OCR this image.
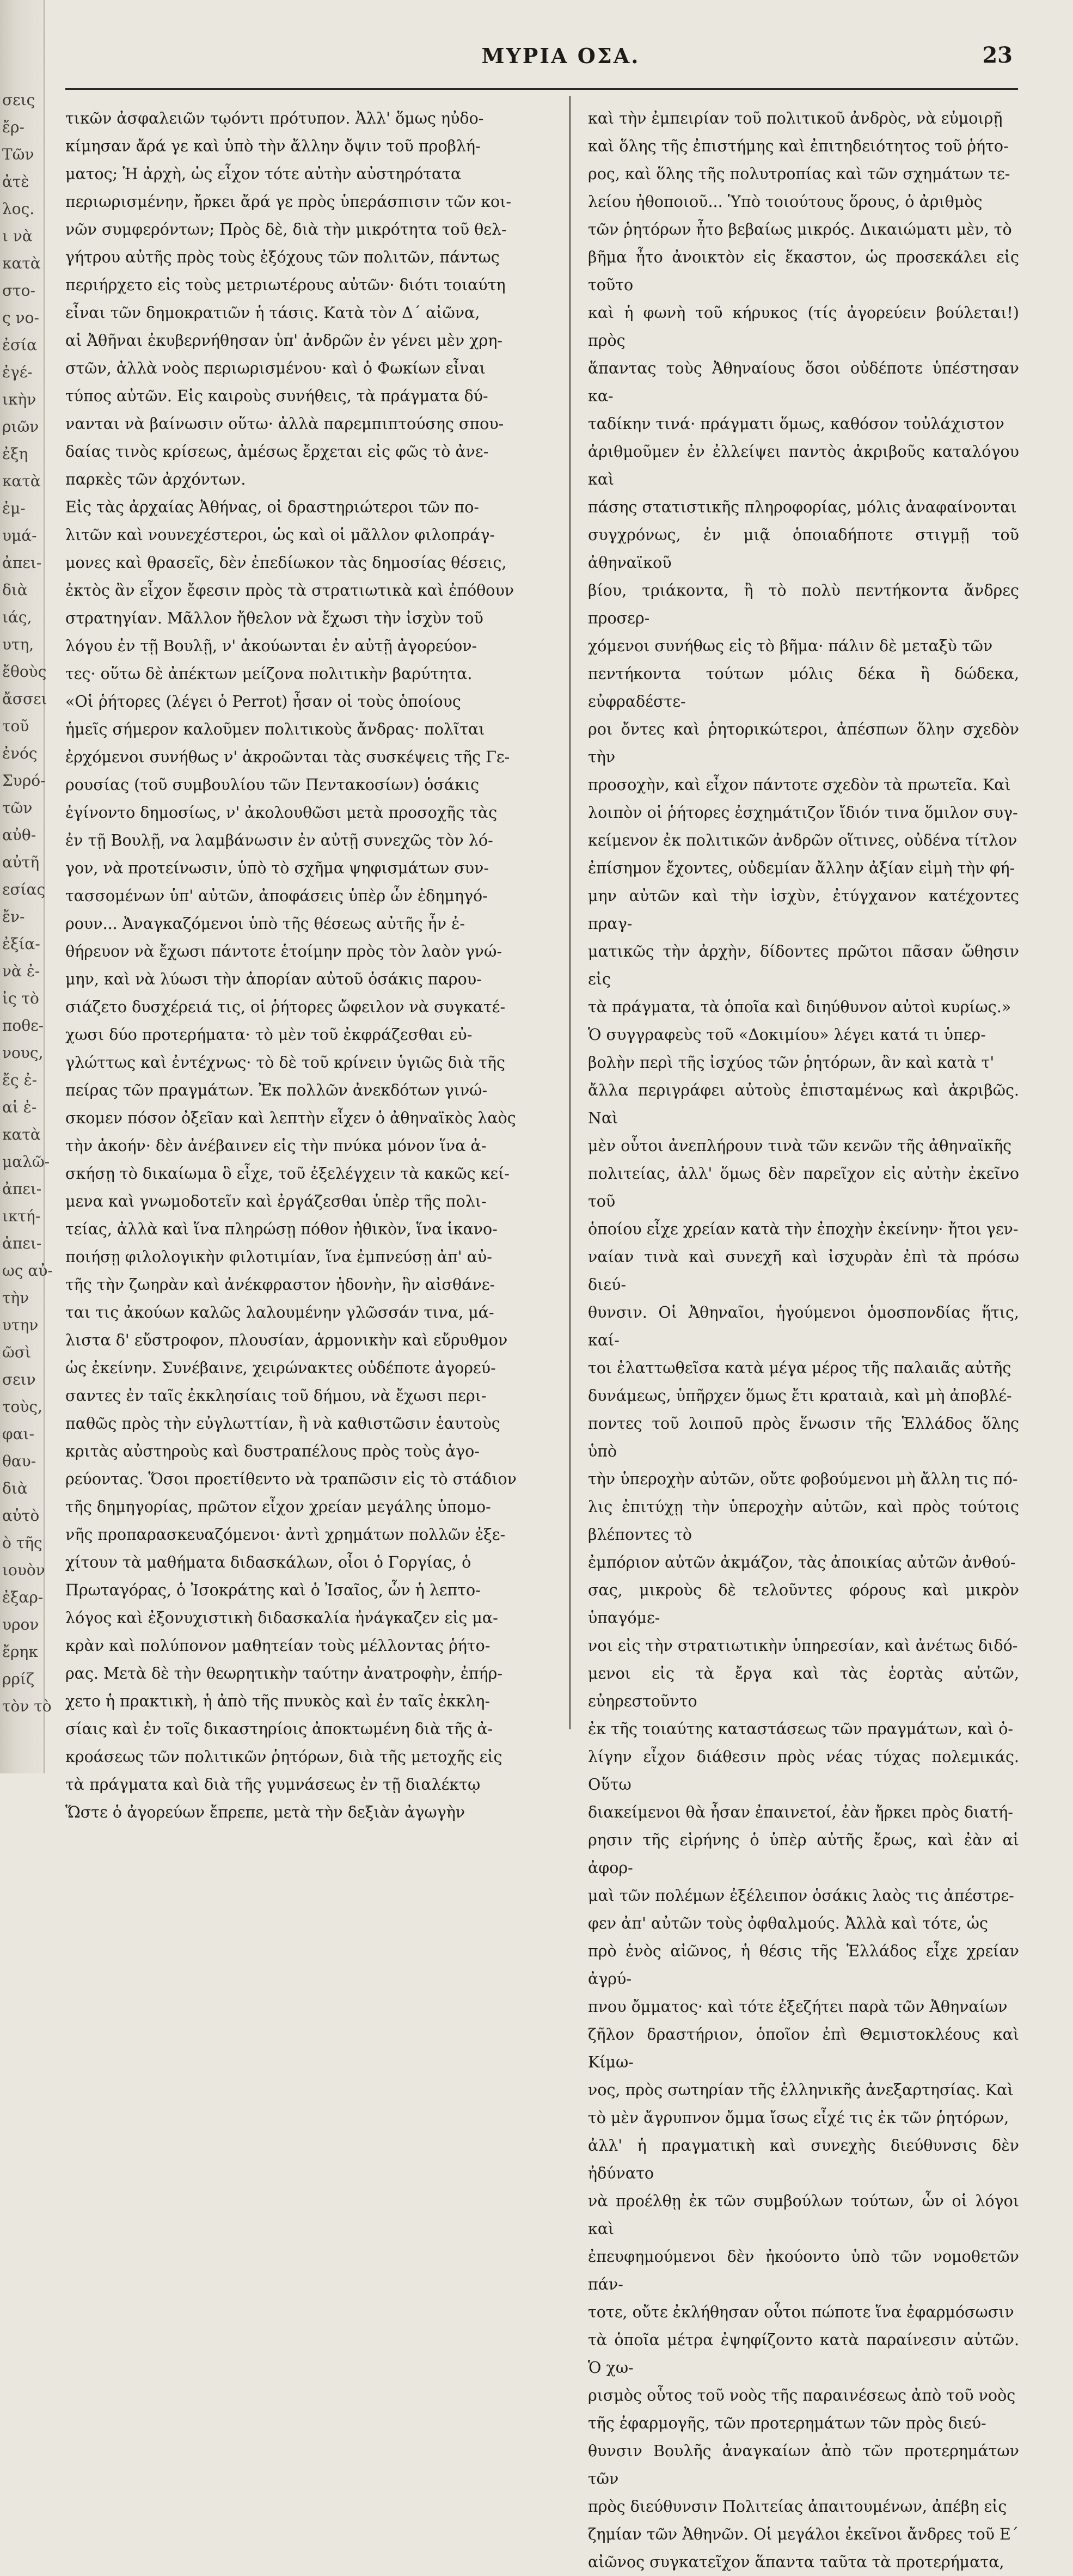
σεις
ἔρ-
Τῶν
ἀτὲ
λος.
ι νὰ
κατὰ
στο-
ς νο-
ἐσία
ἐγέ-
ικὴν
ριῶν
ἐξη
κατὰ
ἐμ-
υμά-
ἀπει-
διὰ
ιάς,
υτη,
ἔθοὺς
ἄσσει
τοῦ
ἐνός
Συρό-
τῶν
αὐθ-
αὐτῆ
εσίας
ἔν-
ἐξία-
νὰ ἐ-
ἰς τὸ
ποθε-
νους,
ἔς ἐ-
αἱ ἐ-
κατὰ
μαλῶ-
ἀπει-
ικτή-
ἀπει-
ως αὐ-
τὴν
υτην
ῶσὶ
σειν
τοὺς,
φαι-
θαυ-
διὰ
αὐτὸ
ὸ τῆς
ιουὸν
ἐξαρ-
υρον
ἔρηκ
ρρίζ
τὸν τὸ
ΜΥΡΙΑ ΟΣΑ.	23

τικῶν ἀσφαλειῶν τῳόντι πρότυπον. Ἀλλ' ὅμως ηὐδο-

κίμησαν ἄρά γε καὶ ὑπὸ τὴν ἄλλην ὄψιν τοῦ προβλή-

ματος; Ἡ ἀρχὴ, ὡς εἶχον τότε αὐτὴν αὐστηρότατα

περιωρισμένην, ἤρκει ἄρά γε πρὸς ὑπεράσπισιν τῶν κοι-

νῶν συμφερόντων; Πρὸς δὲ, διὰ τὴν μικρότητα τοῦ θελ-

γήτρου αὐτῆς πρὸς τοὺς ἐξόχους τῶν πολιτῶν, πάντως

περιήρχετο εἰς τοὺς μετριωτέρους αὐτῶν· διότι τοιαύτη

εἶναι τῶν δημοκρατιῶν ἡ τάσις. Κατὰ τὸν Δ΄ αἰῶνα,

αἱ Ἀθῆναι ἐκυβερνήθησαν ὑπ' ἀνδρῶν ἐν γένει μὲν χρη-

στῶν, ἀλλὰ νοὸς περιωρισμένου· καὶ ὁ Φωκίων εἶναι

τύπος αὐτῶν. Εἰς καιροὺς συνήθεις, τὰ πράγματα δύ-

νανται νὰ βαίνωσιν οὕτω· ἀλλὰ παρεμπιπτούσης σπου-

δαίας τινὸς κρίσεως, ἀμέσως ἔρχεται εἰς φῶς τὸ ἀνε-

παρκὲς τῶν ἀρχόντων.

Εἰς τὰς ἀρχαίας Ἀθήνας, οἱ δραστηριώτεροι τῶν πο-

λιτῶν καὶ νουνεχέστεροι, ὡς καὶ οἱ μᾶλλον φιλοπράγ-

μονες καὶ θρασεῖς, δὲν ἐπεδίωκον τὰς δημοσίας θέσεις,

ἐκτὸς ἂν εἶχον ἔφεσιν πρὸς τὰ στρατιωτικὰ καὶ ἐπόθουν

στρατηγίαν. Μᾶλλον ἤθελον νὰ ἔχωσι τὴν ἰσχὺν τοῦ

λόγου ἐν τῇ Βουλῇ, ν' ἀκούωνται ἐν αὐτῇ ἀγορεύον-

τες· οὕτω δὲ ἀπέκτων μείζονα πολιτικὴν βαρύτητα.

«Οἱ ῥήτορες (λέγει ὁ Perrot) ἦσαν οἱ τοὺς ὁποίους

ἡμεῖς σήμερον καλοῦμεν πολιτικοὺς ἄνδρας· πολῖται

ἐρχόμενοι συνήθως ν' ἀκροῶνται τὰς συσκέψεις τῆς Γε-

ρουσίας (τοῦ συμβουλίου τῶν Πεντακοσίων) ὁσάκις

ἐγίνοντο δημοσίως, ν' ἀκολουθῶσι μετὰ προσοχῆς τὰς

ἐν τῇ Βουλῇ, να λαμβάνωσιν ἐν αὐτῇ συνεχῶς τὸν λό-

γον, νὰ προτείνωσιν, ὑπὸ τὸ σχῆμα ψηφισμάτων συν-

τασσομένων ὑπ' αὐτῶν, ἀποφάσεις ὑπὲρ ὧν ἐδημηγό-

ρουν... Ἀναγκαζόμενοι ὑπὸ τῆς θέσεως αὐτῆς ἦν ἐ-

θήρευον νὰ ἔχωσι πάντοτε ἑτοίμην πρὸς τὸν λαὸν γνώ-

μην, καὶ νὰ λύωσι τὴν ἀπορίαν αὐτοῦ ὁσάκις παρου-

σιάζετο δυσχέρειά τις, οἱ ῥήτορες ὤφειλον νὰ συγκατέ-

χωσι δύο προτερήματα· τὸ μὲν τοῦ ἐκφράζεσθαι εὐ-

γλώττως καὶ ἐντέχνως· τὸ δὲ τοῦ κρίνειν ὑγιῶς διὰ τῆς

πείρας τῶν πραγμάτων. Ἐκ πολλῶν ἀνεκδότων γινώ-

σκομεν πόσον ὀξεῖαν καὶ λεπτὴν εἶχεν ὁ ἀθηναϊκὸς λαὸς

τὴν ἀκοήν· δὲν ἀνέβαινεν εἰς τὴν πνύκα μόνον ἵνα ἀ-

σκήσῃ τὸ δικαίωμα ὃ εἶχε, τοῦ ἐξελέγχειν τὰ κακῶς κεί-

μενα καὶ γνωμοδοτεῖν καὶ ἐργάζεσθαι ὑπὲρ τῆς πολι-

τείας, ἀλλὰ καὶ ἵνα πληρώσῃ πόθον ἠθικὸν, ἵνα ἱκανο-

ποιήσῃ φιλολογικὴν φιλοτιμίαν, ἵνα ἐμπνεύσῃ ἀπ' αὐ-

τῆς τὴν ζωηρὰν καὶ ἀνέκφραστον ἡδονὴν, ἣν αἰσθάνε-

ται τις ἀκούων καλῶς λαλουμένην γλῶσσάν τινα, μά-

λιστα δ' εὔστροφον, πλουσίαν, ἁρμονικὴν καὶ εὔρυθμον

ὡς ἐκείνην. Συνέβαινε, χειρώνακτες οὐδέποτε ἀγορεύ-

σαντες ἐν ταῖς ἐκκλησίαις τοῦ δήμου, νὰ ἔχωσι περι-

παθῶς πρὸς τὴν εὐγλωττίαν, ἢ νὰ καθιστῶσιν ἑαυτοὺς

κριτὰς αὐστηροὺς καὶ δυστραπέλους πρὸς τοὺς ἀγο-

ρεύοντας. Ὅσοι προετίθεντο νὰ τραπῶσιν εἰς τὸ στάδιον

τῆς δημηγορίας, πρῶτον εἶχον χρείαν μεγάλης ὑπομο-

νῆς προπαρασκευαζόμενοι· ἀντὶ χρημάτων πολλῶν ἐξε-

χίτουν τὰ μαθήματα διδασκάλων, οἷοι ὁ Γοργίας, ὁ

Πρωταγόρας, ὁ Ἰσοκράτης καὶ ὁ Ἰσαῖος, ὧν ἡ λεπτο-

λόγος καὶ ἐξονυχιστικὴ διδασκαλία ἠνάγκαζεν εἰς μα-

κρὰν καὶ πολύπονον μαθητείαν τοὺς μέλλοντας ῥήτο-

ρας. Μετὰ δὲ τὴν θεωρητικὴν ταύτην ἀνατροφὴν, ἐπήρ-

χετο ἡ πρακτικὴ, ἡ ἀπὸ τῆς πνυκὸς καὶ ἐν ταῖς ἐκκλη-

σίαις καὶ ἐν τοῖς δικαστηρίοις ἀποκτωμένη διὰ τῆς ἀ-

κροάσεως τῶν πολιτικῶν ῥητόρων, διὰ τῆς μετοχῆς εἰς

τὰ πράγματα καὶ διὰ τῆς γυμνάσεως ἐν τῇ διαλέκτῳ

Ὥστε ὁ ἀγορεύων ἔπρεπε, μετὰ τὴν δεξιὰν ἀγωγὴν

καὶ τὴν ἐμπειρίαν τοῦ πολιτικοῦ ἀνδρὸς, νὰ εὐμοιρῇ

καὶ ὅλης τῆς ἐπιστήμης καὶ ἐπιτηδειότητος τοῦ ῥήτο-

ρος, καὶ ὅλης τῆς πολυτροπίας καὶ τῶν σχημάτων τε-

λείου ἠθοποιοῦ... Ὑπὸ τοιούτους ὅρους, ὁ ἀριθμὸς

τῶν ῥητόρων ἦτο βεβαίως μικρός. Δικαιώματι μὲν, τὸ

βῆμα ἦτο ἀνοικτὸν εἰς ἕκαστον, ὡς προσεκάλει εἰς τοῦτο

καὶ ἡ φωνὴ τοῦ κήρυκος (τίς ἀγορεύειν βούλεται!) πρὸς

ἅπαντας τοὺς Ἀθηναίους ὅσοι οὐδέποτε ὑπέστησαν κα-

ταδίκην τινά· πράγματι ὅμως, καθόσον τοὐλάχιστον

ἀριθμοῦμεν ἐν ἐλλείψει παντὸς ἀκριβοῦς καταλόγου καὶ

πάσης στατιστικῆς πληροφορίας, μόλις ἀναφαίνονται

συγχρόνως, ἐν μιᾷ ὁποιαδήποτε στιγμῇ τοῦ ἀθηναϊκοῦ

βίου, τριάκοντα, ἢ τὸ πολὺ πεντήκοντα ἄνδρες προσερ-

χόμενοι συνήθως εἰς τὸ βῆμα· πάλιν δὲ μεταξὺ τῶν

πεντήκοντα τούτων μόλις δέκα ἢ δώδεκα, εὐφραδέστε-

ροι ὄντες καὶ ῥητορικώτεροι, ἀπέσπων ὅλην σχεδὸν τὴν

προσοχὴν, καὶ εἶχον πάντοτε σχεδὸν τὰ πρωτεῖα. Καὶ

λοιπὸν οἱ ῥήτορες ἐσχημάτιζον ἴδιόν τινα ὅμιλον συγ-

κείμενον ἐκ πολιτικῶν ἀνδρῶν οἵτινες, οὐδένα τίτλον

ἐπίσημον ἔχοντες, οὐδεμίαν ἄλλην ἀξίαν εἰμὴ τὴν φή-

μην αὐτῶν καὶ τὴν ἰσχὺν, ἐτύγχανον κατέχοντες πραγ-

ματικῶς τὴν ἀρχὴν, δίδοντες πρῶτοι πᾶσαν ὤθησιν εἰς

τὰ πράγματα, τὰ ὁποῖα καὶ διηύθυνον αὐτοὶ κυρίως.»

Ὁ συγγραφεὺς τοῦ «Δοκιμίου» λέγει κατά τι ὑπερ-

βολὴν περὶ τῆς ἰσχύος τῶν ῥητόρων, ἂν καὶ κατὰ τ'

ἄλλα περιγράφει αὐτοὺς ἐπισταμένως καὶ ἀκριβῶς. Ναὶ

μὲν οὗτοι ἀνεπλήρουν τινὰ τῶν κενῶν τῆς ἀθηναϊκῆς

πολιτείας, ἀλλ' ὅμως δὲν παρεῖχον εἰς αὐτὴν ἐκεῖνο τοῦ

ὁποίου εἶχε χρείαν κατὰ τὴν ἐποχὴν ἐκείνην· ἤτοι γεν-

ναίαν τινὰ καὶ συνεχῆ καὶ ἰσχυρὰν ἐπὶ τὰ πρόσω διεύ-

θυνσιν. Οἱ Ἀθηναῖοι, ἡγούμενοι ὁμοσπονδίας ἥτις, καί-

τοι ἐλαττωθεῖσα κατὰ μέγα μέρος τῆς παλαιᾶς αὐτῆς

δυνάμεως, ὑπῆρχεν ὅμως ἔτι κραταιὰ, καὶ μὴ ἀποβλέ-

ποντες τοῦ λοιποῦ πρὸς ἕνωσιν τῆς Ἑλλάδος ὅλης ὑπὸ

τὴν ὑπεροχὴν αὐτῶν, οὔτε φοβούμενοι μὴ ἄλλη τις πό-

λις ἐπιτύχῃ τὴν ὑπεροχὴν αὐτῶν, καὶ πρὸς τούτοις βλέποντες τὸ

ἐμπόριον αὐτῶν ἀκμάζον, τὰς ἀποικίας αὐτῶν ἀνθού-

σας, μικροὺς δὲ τελοῦντες φόρους καὶ μικρὸν ὑπαγόμε-

νοι εἰς τὴν στρατιωτικὴν ὑπηρεσίαν, καὶ ἀνέτως διδό-

μενοι εἰς τὰ ἔργα καὶ τὰς ἑορτὰς αὐτῶν, εὐηρεστοῦντο

ἐκ τῆς τοιαύτης καταστάσεως τῶν πραγμάτων, καὶ ὀ-

λίγην εἶχον διάθεσιν πρὸς νέας τύχας πολεμικάς. Οὕτω

διακείμενοι θὰ ἦσαν ἐπαινετοί, ἐὰν ἤρκει πρὸς διατή-

ρησιν τῆς εἰρήνης ὁ ὑπὲρ αὐτῆς ἔρως, καὶ ἐὰν αἱ ἀφορ-

μαὶ τῶν πολέμων ἐξέλειπον ὁσάκις λαὸς τις ἀπέστρε-

φεν ἀπ' αὐτῶν τοὺς ὀφθαλμούς. Ἀλλὰ καὶ τότε, ὡς

πρὸ ἑνὸς αἰῶνος, ἡ θέσις τῆς Ἑλλάδος εἶχε χρείαν ἀγρύ-

πνου ὄμματος· καὶ τότε ἐξεζήτει παρὰ τῶν Ἀθηναίων

ζῆλον δραστήριον, ὁποῖον ἐπὶ Θεμιστοκλέους καὶ Κίμω-

νος, πρὸς σωτηρίαν τῆς ἑλληνικῆς ἀνεξαρτησίας. Καὶ

τὸ μὲν ἄγρυπνον ὄμμα ἴσως εἶχέ τις ἐκ τῶν ῥητόρων,

ἀλλ' ἡ πραγματικὴ καὶ συνεχὴς διεύθυνσις δὲν ἠδύνατο

νὰ προέλθῃ ἐκ τῶν συμβούλων τούτων, ὧν οἱ λόγοι καὶ

ἐπευφημούμενοι δὲν ἠκούοντο ὑπὸ τῶν νομοθετῶν πάν-

τοτε, οὔτε ἐκλήθησαν οὗτοι πώποτε ἵνα ἐφαρμόσωσιν

τὰ ὁποῖα μέτρα ἐψηφίζοντο κατὰ παραίνεσιν αὐτῶν. Ὁ χω-

ρισμὸς οὗτος τοῦ νοὸς τῆς παραινέσεως ἀπὸ τοῦ νοὸς

τῆς ἐφαρμογῆς, τῶν προτερημάτων τῶν πρὸς διεύ-

θυνσιν Βουλῆς ἀναγκαίων ἀπὸ τῶν προτερημάτων τῶν

πρὸς διεύθυνσιν Πολιτείας ἀπαιτουμένων, ἀπέβη εἰς

ζημίαν τῶν Ἀθηνῶν. Οἱ μεγάλοι ἐκεῖνοι ἄνδρες τοῦ Ε΄

αἰῶνος συγκατεῖχον ἅπαντα ταῦτα τὰ προτερήματα,
